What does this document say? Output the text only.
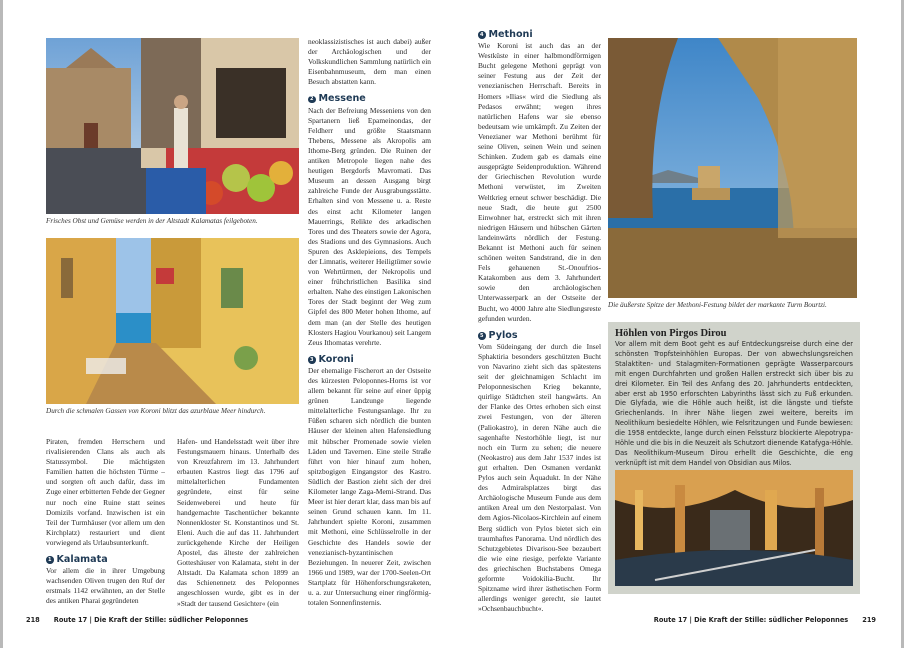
Frisches Obst und Gemüse werden in der Altstadt Kalamatas feilgeboten.
Durch die schmalen Gassen von Koroni blitzt das azurblaue Meer hindurch.

Piraten, fremden Herrschern und rivalisierenden Clans als auch als Statussymbol. Die mächtigsten Familien hatten die höchsten Türme – und sorgten oft auch dafür, dass im Zuge einer erbitterten Fehde der Gegner nur noch eine Ruine statt seines Domizils vorfand. Inzwischen ist ein Teil der Turmhäuser (vor allem um den Kirchplatz) restauriert und dient vorwiegend als Urlaubsunterkunft.

1 Kalamata

Vor allem die in ihrer Umgebung wachsenden Oliven trugen den Ruf der erstmals 1142 erwähnten, an der Stelle des antiken Pharai gegründeten

Hafen- und Handelsstadt weit über ihre Festungsmauern hinaus. Unterhalb des von Kreuzfahrern im 13. Jahrhundert erbauten Kastros liegt das 1796 auf mittelalterlichen Fundamenten gegründete, einst für seine Seidenweberei und heute für handgemachte Taschentücher bekannte Nonnenkloster St. Konstantinos und St. Eleni. Auch die auf das 11. Jahrhundert zurückgehende Kirche der Heiligen Apostel, das älteste der zahlreichen Gotteshäuser von Kalamata, steht in der Altstadt. Da Kalamata schon 1899 an das Schienennetz des Peloponnes angeschlossen wurde, gibt es in der »Stadt der tausend Gesichter« (ein

neoklassizistisches ist auch dabei) außer der Archäologischen und der Volkskundlichen Sammlung natürlich ein Eisenbahnmuseum, dem man einen Besuch abstatten kann.

2 Messene

Nach der Befreiung Messeniens von den Spartanern ließ Epameinondas, der Feldherr und größte Staatsmann Thebens, Messene als Akropolis am Ithome-Berg gründen. Die Ruinen der antiken Metropole liegen nahe des heutigen Bergdorfs Mavromati. Das Museum an dessen Ausgang birgt zahlreiche Funde der Ausgrabungsstätte. Erhalten sind von Messene u. a. Reste des einst acht Kilometer langen Mauerrings, Relikte des arkadischen Tores und des Theaters sowie der Agora, des Stadions und des Gymnasions. Auch Spuren des Asklepieions, des Tempels der Limnatis, weiterer Heiligtümer sowie von Wehrtürmen, der Nekropolis und einer frühchristlichen Basilika sind erhalten. Nahe des einstigen Lakonischen Tores der Stadt beginnt der Weg zum Gipfel des 800 Meter hohen Ithome, auf dem man (an der Stelle des heutigen Klosters Hagiou Vourkanou) seit Langem Zeus Ithomatas verehrte.

3 Koroni

Der ehemalige Fischerort an der Ostseite des kürzesten Peloponnes-Horns ist vor allem bekannt für seine auf einer üppig grünen Landzunge liegende mittelalterliche Festungsanlage. Ihr zu Füßen scharen sich nördlich die bunten Häuser der kleinen alten Hafensiedlung mit hübscher Promenade sowie vielen Läden und Tavernen. Eine steile Straße führt von hier hinauf zum hohen, spitzbogigen Eingangstor des Kastro. Südlich der Bastion zieht sich der drei Kilometer lange Zaga-Memi-Strand. Das Meer ist hier derart klar, dass man bis auf seinen Grund schauen kann. Im 11. Jahrhundert spielte Koroni, zusammen mit Methoni, eine Schlüsselrolle in der Geschichte des Handels sowie der venezianisch-byzantinischen Beziehungen. In neuerer Zeit, zwischen 1966 und 1989, war der 1700-Seelen-Ort Startplatz für Höhenforschungsraketen, u. a. zur Untersuchung einer ringförmig-totalen Sonnenfinsternis.

218 Route 17 | Die Kraft der Stille: südlicher Peloponnes
4 Methoni

Wie Koroni ist auch das an der Westküste in einer halbmondförmigen Bucht gelegene Methoni geprägt von seiner Festung aus der Zeit der venezianischen Herrschaft. Bereits in Homers »Ilias« wird die Siedlung als Pedasos erwähnt; wegen ihres natürlichen Hafens war sie ebenso bedeutsam wie umkämpft. Zu Zeiten der Venezianer war Methoni berühmt für seine Oliven, seinen Wein und seinen Schinken. Zudem gab es damals eine ausgeprägte Seidenproduktion. Während der Griechischen Revolution wurde Methoni verwüstet, im Zweiten Weltkrieg erneut schwer beschädigt. Die neue Stadt, die heute gut 2500 Einwohner hat, erstreckt sich mit ihren niedrigen Häusern und hübschen Gärten landeinwärts nördlich der Festung. Bekannt ist Methoni auch für seinen schönen weiten Sandstrand, die in den Fels gehauenen St.-Onoufrios-Katakomben aus dem 3. Jahrhundert sowie den archäologischen Unterwasserpark an der Ostseite der Bucht, wo 4000 Jahre alte Siedlungsreste gefunden wurden.

5 Pylos

Vom Südeingang der durch die Insel Sphaktiria besonders geschützten Bucht von Navarino zieht sich das spätestens seit der gleichnamigen Schlacht im Peloponnesischen Krieg bekannte, quirlige Städtchen steil hangwärts. An der Flanke des Ortes erhoben sich einst zwei Festungen, von der älteren (Paliokastro), in deren Nähe auch die sagenhafte Nestorhöhle liegt, ist nur noch ein Turm zu sehen; die neuere (Neokastro) aus dem Jahr 1537 indes ist gut erhalten. Den Osmanen verdankt Pylos auch sein Äquadukt. In der Nähe des Admiralsplatzes birgt das Archäologische Museum Funde aus dem antiken Areal um den Nestorpalast. Von dem Agios-Nicolaos-Kirchlein auf einem Berg südlich von Pylos bietet sich ein traumhaftes Panorama. Und nördlich des Schutzgebietes Divarisou-See bezaubert die wie eine riesige, perfekte Variante des griechischen Buchstabens Omega geformte Voidokilia-Bucht. Ihr Spitzname wird ihrer ästhetischen Form allerdings weniger gerecht, sie lautet »Ochsenbauchbucht«.

Die äußerste Spitze der Methoni-Festung bildet der markante Turm Bourtzi.
Höhlen von Pirgos Dirou
Vor allem mit dem Boot geht es auf Entdeckungsreise durch eine der schönsten Tropfsteinhöhlen Europas. Der von abwechslungsreichen Stalaktiten- und Stalagmiten-Formationen geprägte Wasserparcours mit engen Durchfahrten und großen Hallen erstreckt sich über bis zu drei Kilometer. Ein Teil des Anfang des 20. Jahrhunderts entdeckten, aber erst ab 1950 erforschten Labyrinths lässt sich zu Fuß erkunden. Die Glyfada, wie die Höhle auch heißt, ist die längste und tiefste Griechenlands. In ihrer Nähe liegen zwei weitere, bereits im Neolithikum besiedelte Höhlen, wie Felsritzungen und Funde bewiesen: die 1958 entdeckte, lange durch einen Felssturz blockierte Alepotrypa-Höhle und die bis in die Neuzeit als Schutzort dienende Katafyga-Höhle. Das Neolithikum-Museum Dirou erhellt die Geschichte, die eng verknüpft ist mit dem Handel von Obsidian aus Milos.
Route 17 | Die Kraft der Stille: südlicher Peloponnes 219
